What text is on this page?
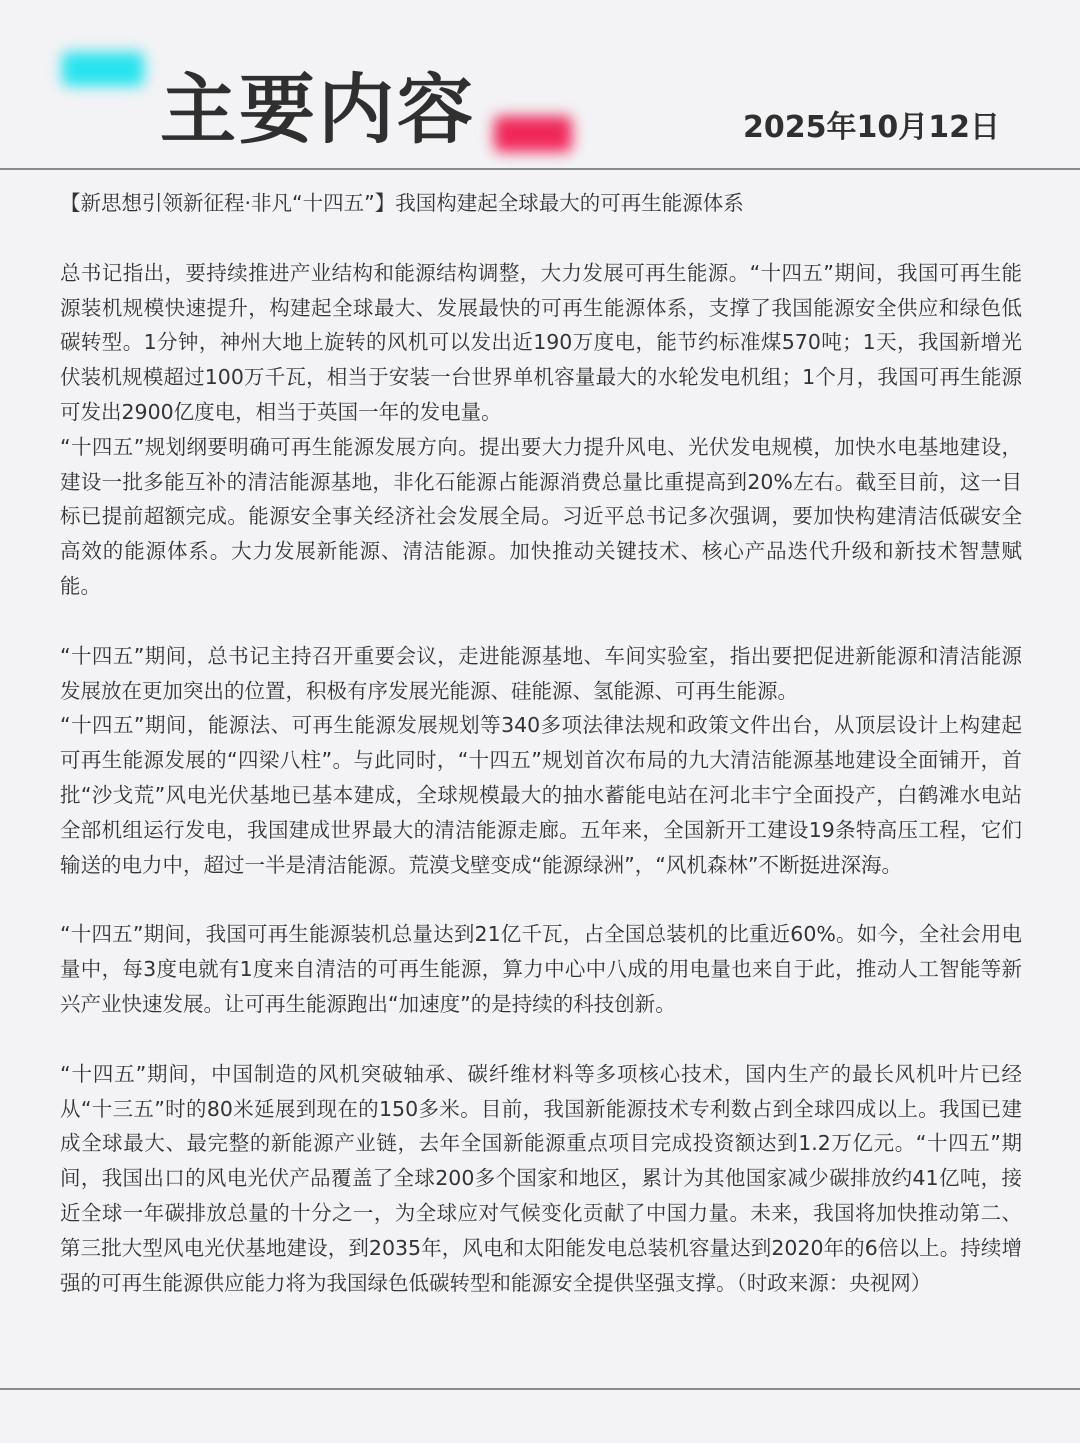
主要内容	2025年10月12日

【新思想引领新征程·非凡“十四五”】我国构建起全球最大的可再生能源体系

总书记指出，要持续推进产业结构和能源结构调整，大力发展可再生能源。“十四五”期间，我国可再生能源装机规模快速提升，构建起全球最大、发展最快的可再生能源体系，支撑了我国能源安全供应和绿色低碳转型。1分钟，神州大地上旋转的风机可以发出近190万度电，能节约标准煤570吨；1天，我国新增光伏装机规模超过100万千瓦，相当于安装一台世界单机容量最大的水轮发电机组；1个月，我国可再生能源可发出2900亿度电，相当于英国一年的发电量。

“十四五”规划纲要明确可再生能源发展方向。提出要大力提升风电、光伏发电规模，加快水电基地建设，建设一批多能互补的清洁能源基地，非化石能源占能源消费总量比重提高到20%左右。截至目前，这一目标已提前超额完成。能源安全事关经济社会发展全局。习近平总书记多次强调，要加快构建清洁低碳安全高效的能源体系。大力发展新能源、清洁能源。加快推动关键技术、核心产品迭代升级和新技术智慧赋能。

“十四五”期间，总书记主持召开重要会议，走进能源基地、车间实验室，指出要把促进新能源和清洁能源发展放在更加突出的位置，积极有序发展光能源、硅能源、氢能源、可再生能源。

“十四五”期间，能源法、可再生能源发展规划等340多项法律法规和政策文件出台，从顶层设计上构建起可再生能源发展的“四梁八柱”。与此同时，“十四五”规划首次布局的九大清洁能源基地建设全面铺开，首批“沙戈荒”风电光伏基地已基本建成，全球规模最大的抽水蓄能电站在河北丰宁全面投产，白鹤滩水电站全部机组运行发电，我国建成世界最大的清洁能源走廊。五年来，全国新开工建设19条特高压工程，它们输送的电力中，超过一半是清洁能源。荒漠戈壁变成“能源绿洲”，“风机森林”不断挺进深海。

“十四五”期间，我国可再生能源装机总量达到21亿千瓦，占全国总装机的比重近60%。如今，全社会用电量中，每3度电就有1度来自清洁的可再生能源，算力中心中八成的用电量也来自于此，推动人工智能等新兴产业快速发展。让可再生能源跑出“加速度”的是持续的科技创新。

“十四五”期间，中国制造的风机突破轴承、碳纤维材料等多项核心技术，国内生产的最长风机叶片已经从“十三五”时的80米延展到现在的150多米。目前，我国新能源技术专利数占到全球四成以上。我国已建成全球最大、最完整的新能源产业链，去年全国新能源重点项目完成投资额达到1.2万亿元。“十四五”期间，我国出口的风电光伏产品覆盖了全球200多个国家和地区，累计为其他国家减少碳排放约41亿吨，接近全球一年碳排放总量的十分之一，为全球应对气候变化贡献了中国力量。未来，我国将加快推动第二、第三批大型风电光伏基地建设，到2035年，风电和太阳能发电总装机容量达到2020年的6倍以上。持续增强的可再生能源供应能力将为我国绿色低碳转型和能源安全提供坚强支撑。（时政来源：央视网）
